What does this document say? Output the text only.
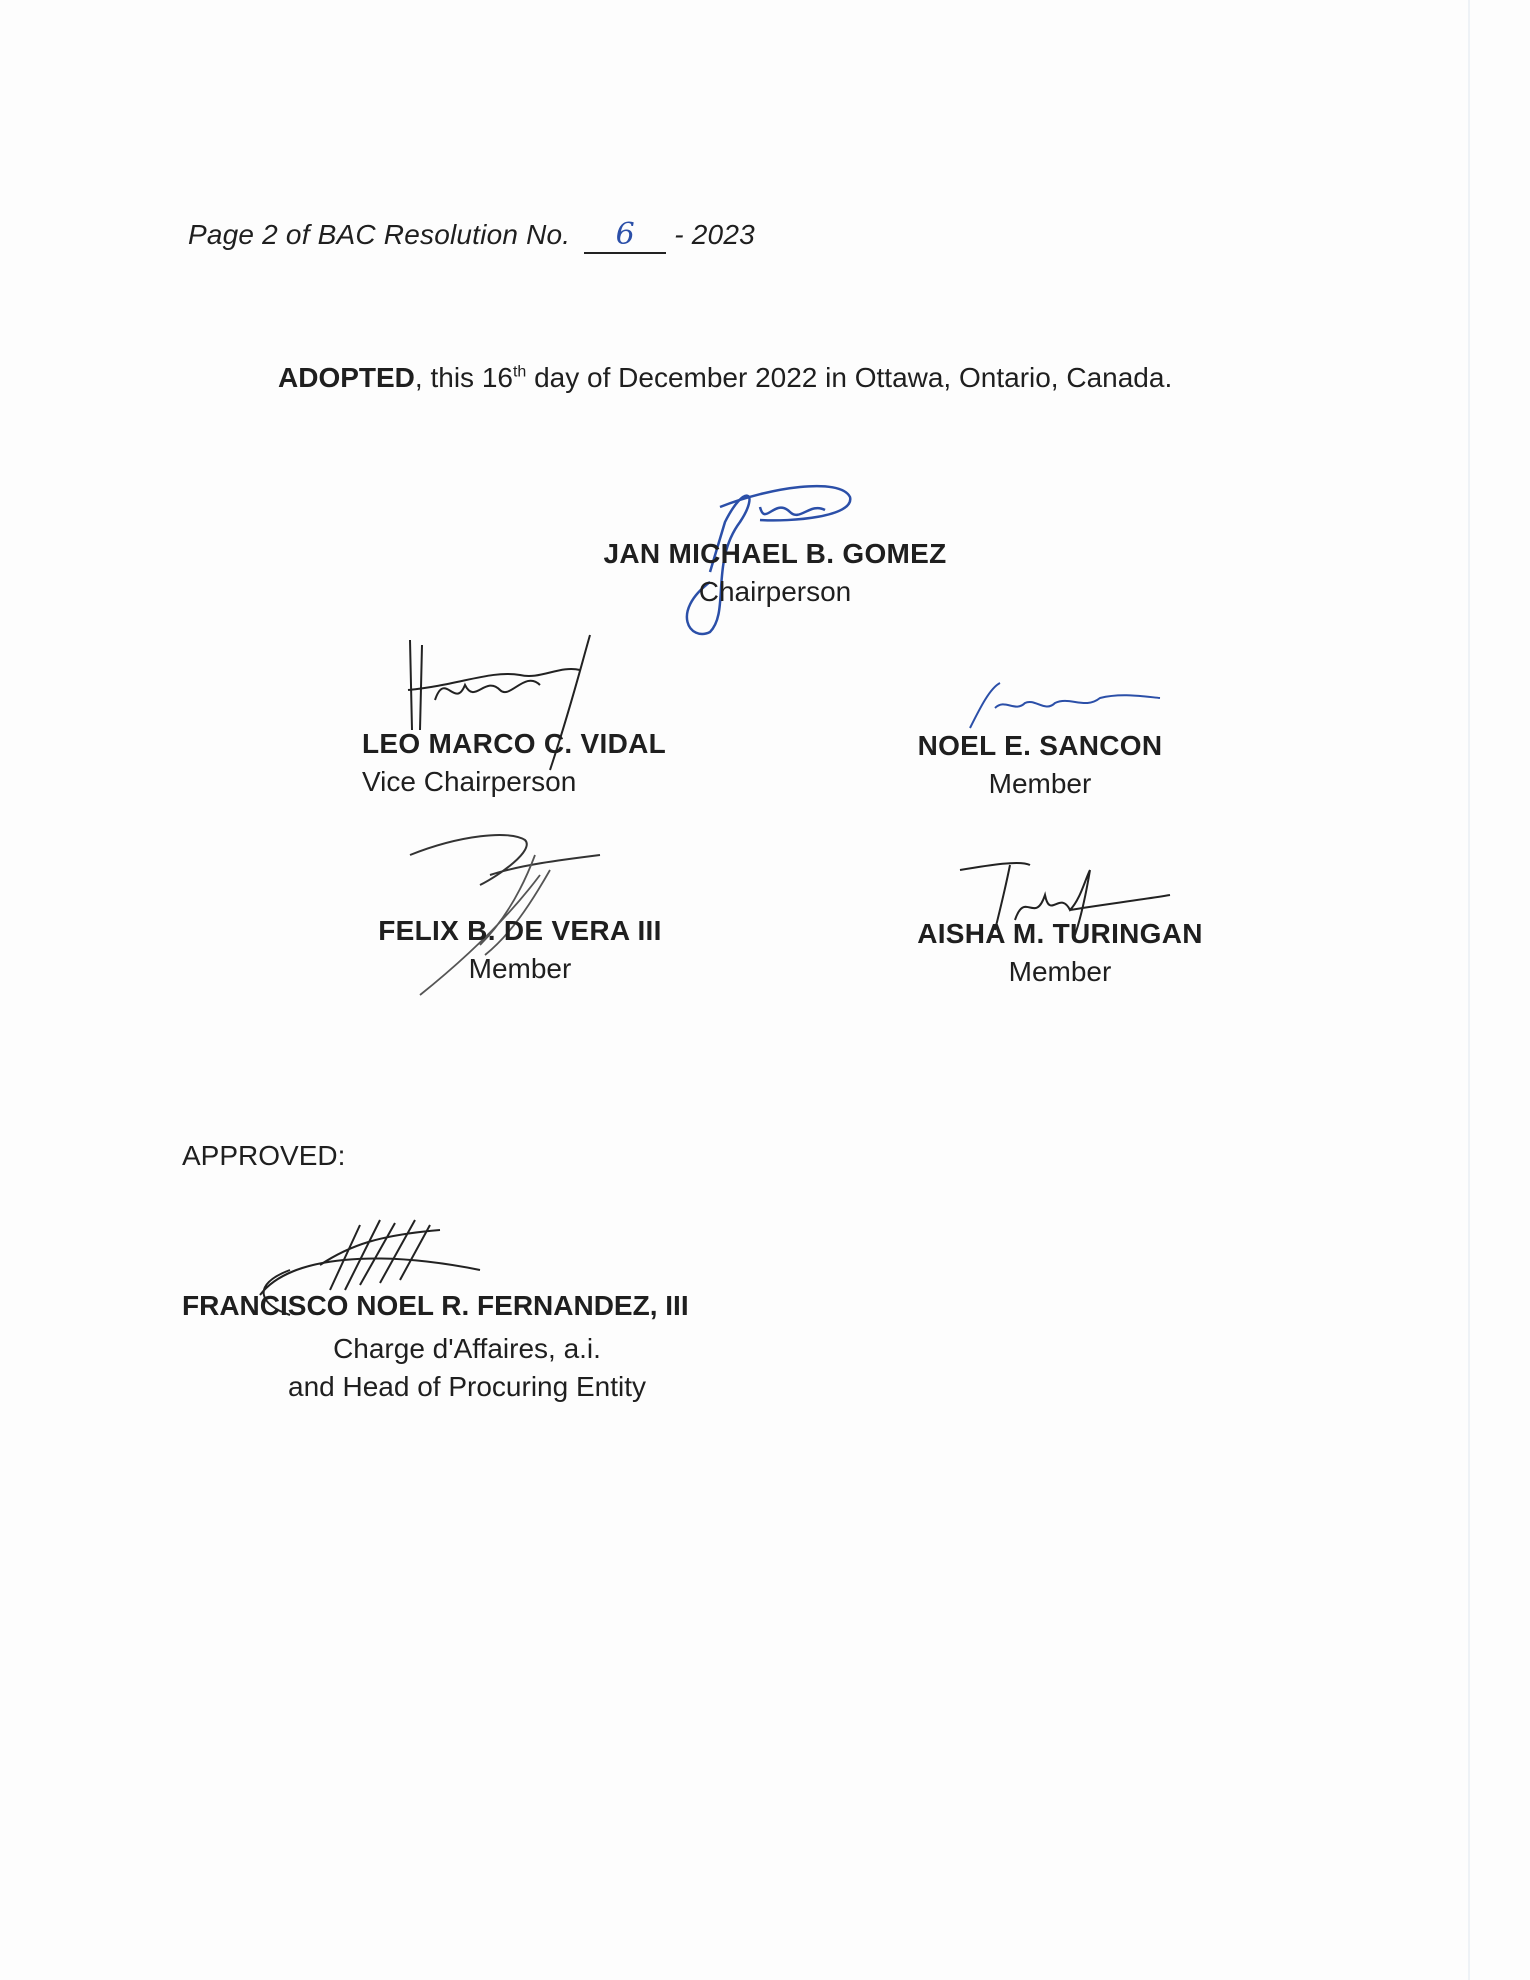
Page 2 of BAC Resolution No. 6 - 2023
ADOPTED, this 16th day of December 2022 in Ottawa, Ontario, Canada.
JAN MICHAEL B. GOMEZ
Chairperson
LEO MARCO C. VIDAL
Vice Chairperson
NOEL E. SANCON
Member
FELIX B. DE VERA III
Member
AISHA M. TURINGAN
Member
APPROVED:
FRANCISCO NOEL R. FERNANDEZ, III
Charge d'Affaires, a.i.
and Head of Procuring Entity
